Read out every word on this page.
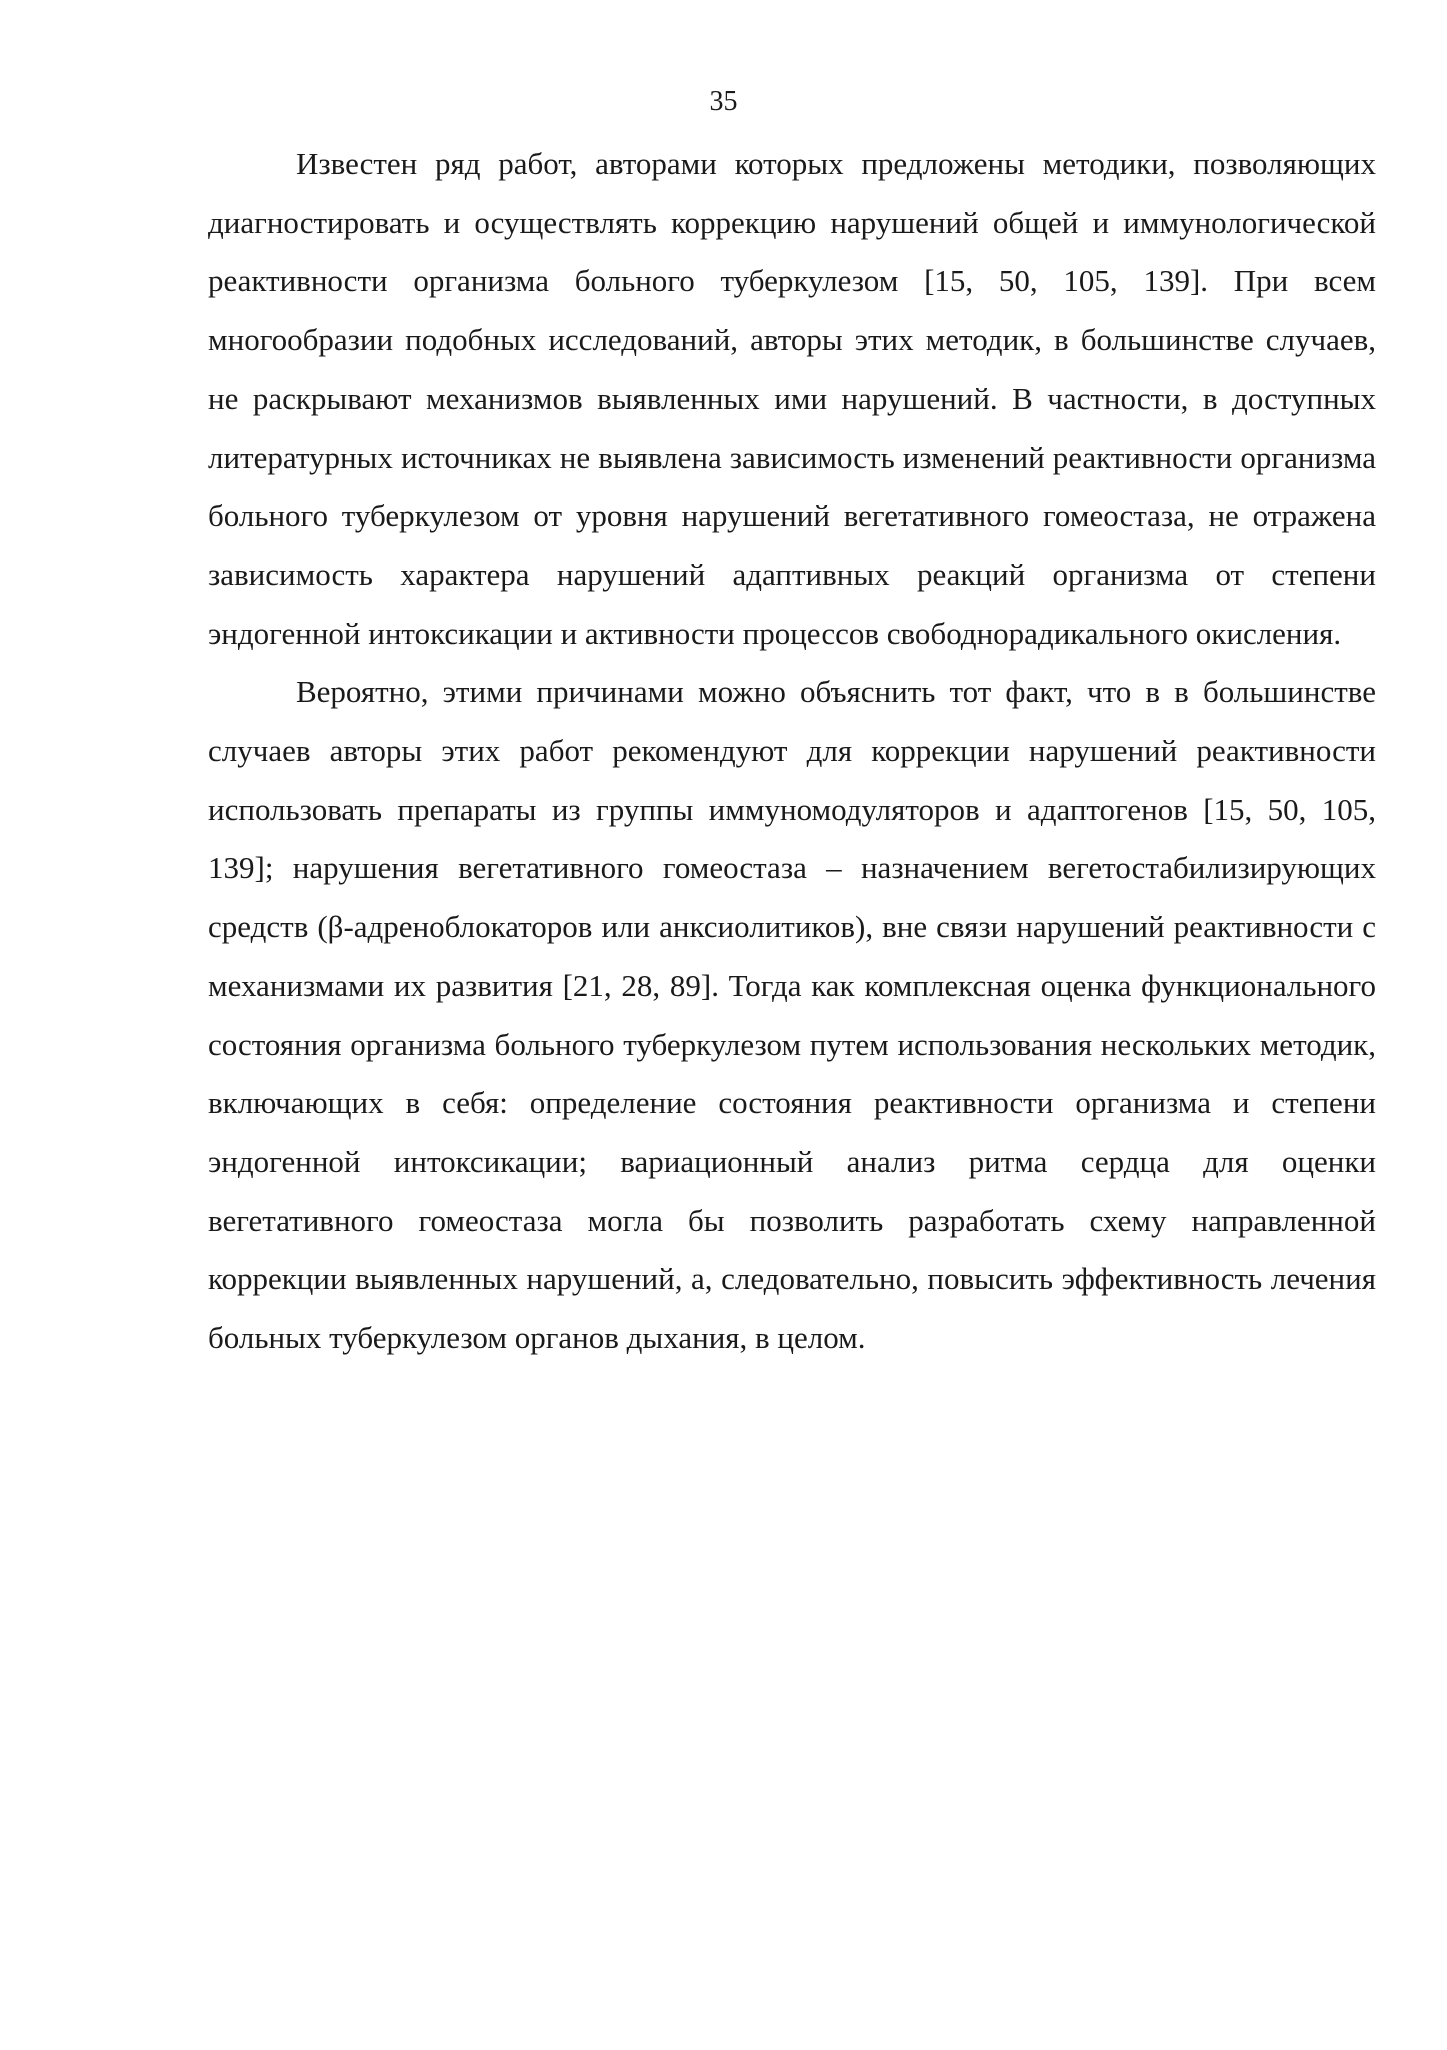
35

Известен ряд работ, авторами которых предложены методики, позволяющих диагностировать и осуществлять коррекцию нарушений общей и иммунологической реактивности организма больного туберкулезом [15, 50, 105, 139]. При всем многообразии подобных исследований, авторы этих методик, в большинстве случаев, не раскрывают механизмов выявленных ими нарушений. В частности, в доступных литературных источниках не выявлена зависимость изменений реактивности организма больного туберкулезом от уровня нарушений вегетативного гомеостаза, не отражена зависимость характера нарушений адаптивных реакций организма от степени эндогенной интоксикации и активности процессов свободнорадикального окисления.

Вероятно, этими причинами можно объяснить тот факт, что в в большинстве случаев авторы этих работ рекомендуют для коррекции нарушений реактивности использовать препараты из группы иммуномодуляторов и адаптогенов [15, 50, 105, 139]; нарушения вегетативного гомеостаза – назначением вегетостабилизирующих средств (β-адреноблокаторов или анксиолитиков), вне связи нарушений реактивности с механизмами их развития [21, 28, 89]. Тогда как комплексная оценка функционального состояния организма больного туберкулезом путем использования нескольких методик, включающих в себя: определение состояния реактивности организма и степени эндогенной интоксикации; вариационный анализ ритма сердца для оценки вегетативного гомеостаза могла бы позволить разработать схему направленной коррекции выявленных нарушений, а, следовательно, повысить эффективность лечения больных туберкулезом органов дыхания, в целом.
